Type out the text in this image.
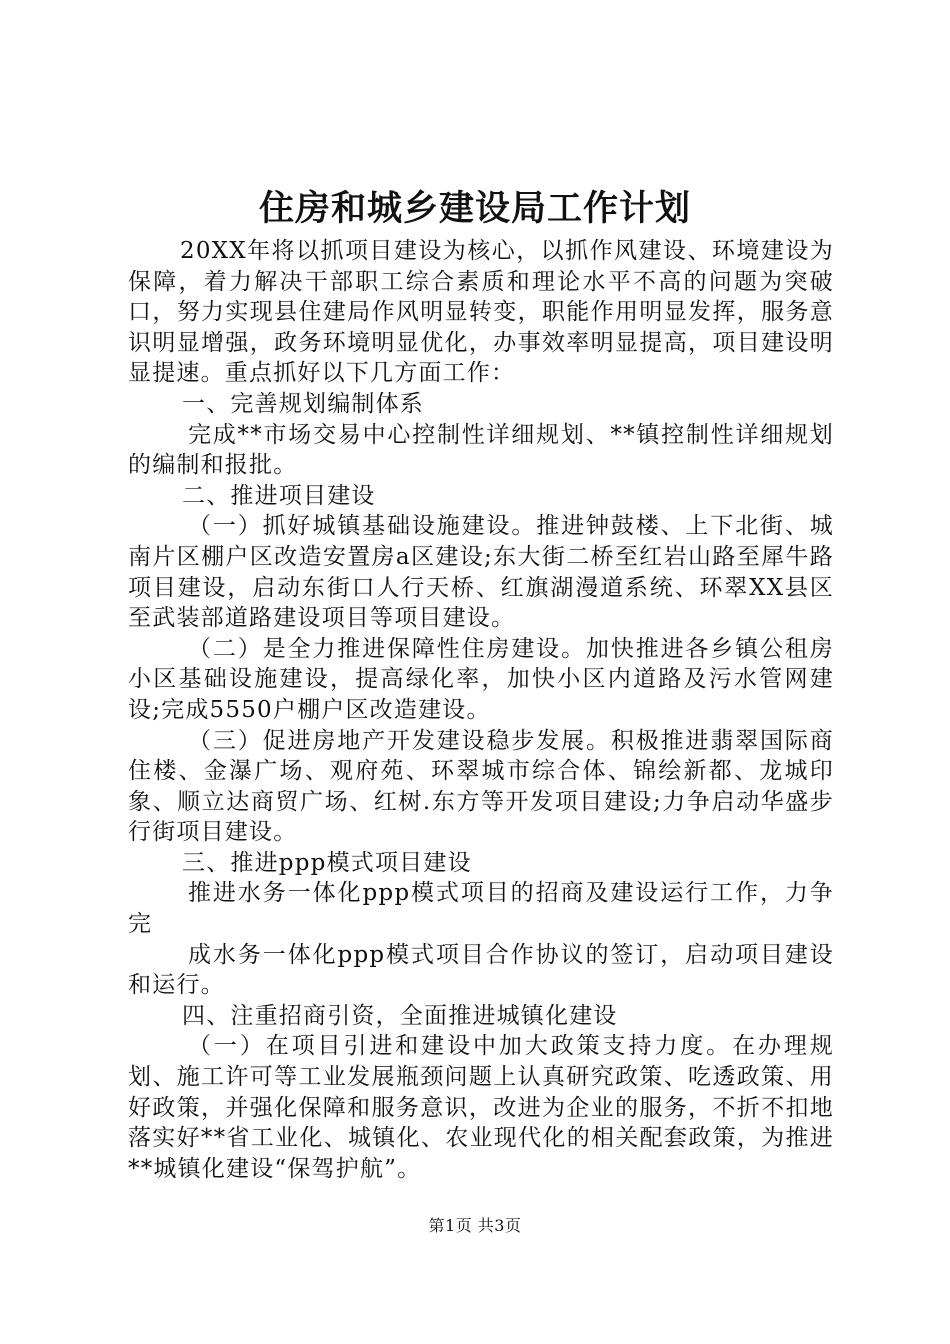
住房和城乡建设局工作计划

20XX年将以抓项目建设为核心，以抓作风建设、环境建设为保障，着力解决干部职工综合素质和理论水平不高的问题为突破口，努力实现县住建局作风明显转变，职能作用明显发挥，服务意识明显增强，政务环境明显优化，办事效率明显提高，项目建设明显提速。重点抓好以下几方面工作：

一、完善规划编制体系

完成**市场交易中心控制性详细规划、**镇控制性详细规划的编制和报批。

二、推进项目建设

（一）抓好城镇基础设施建设。推进钟鼓楼、上下北街、城南片区棚户区改造安置房a区建设;东大街二桥至红岩山路至犀牛路项目建设，启动东街口人行天桥、红旗湖漫道系统、环翠XX县区至武装部道路建设项目等项目建设。

（二）是全力推进保障性住房建设。加快推进各乡镇公租房小区基础设施建设，提高绿化率，加快小区内道路及污水管网建设;完成5550户棚户区改造建设。

（三）促进房地产开发建设稳步发展。积极推进翡翠国际商住楼、金瀑广场、观府苑、环翠城市综合体、锦绘新都、龙城印象、顺立达商贸广场、红树.东方等开发项目建设;力争启动华盛步行街项目建设。

三、推进ppp模式项目建设

推进水务一体化ppp模式项目的招商及建设运行工作，力争完

成水务一体化ppp模式项目合作协议的签订，启动项目建设和运行。

四、注重招商引资，全面推进城镇化建设

（一）在项目引进和建设中加大政策支持力度。在办理规划、施工许可等工业发展瓶颈问题上认真研究政策、吃透政策、用好政策，并强化保障和服务意识，改进为企业的服务，不折不扣地落实好**省工业化、城镇化、农业现代化的相关配套政策，为推进**城镇化建设“保驾护航”。

第1页 共3页
